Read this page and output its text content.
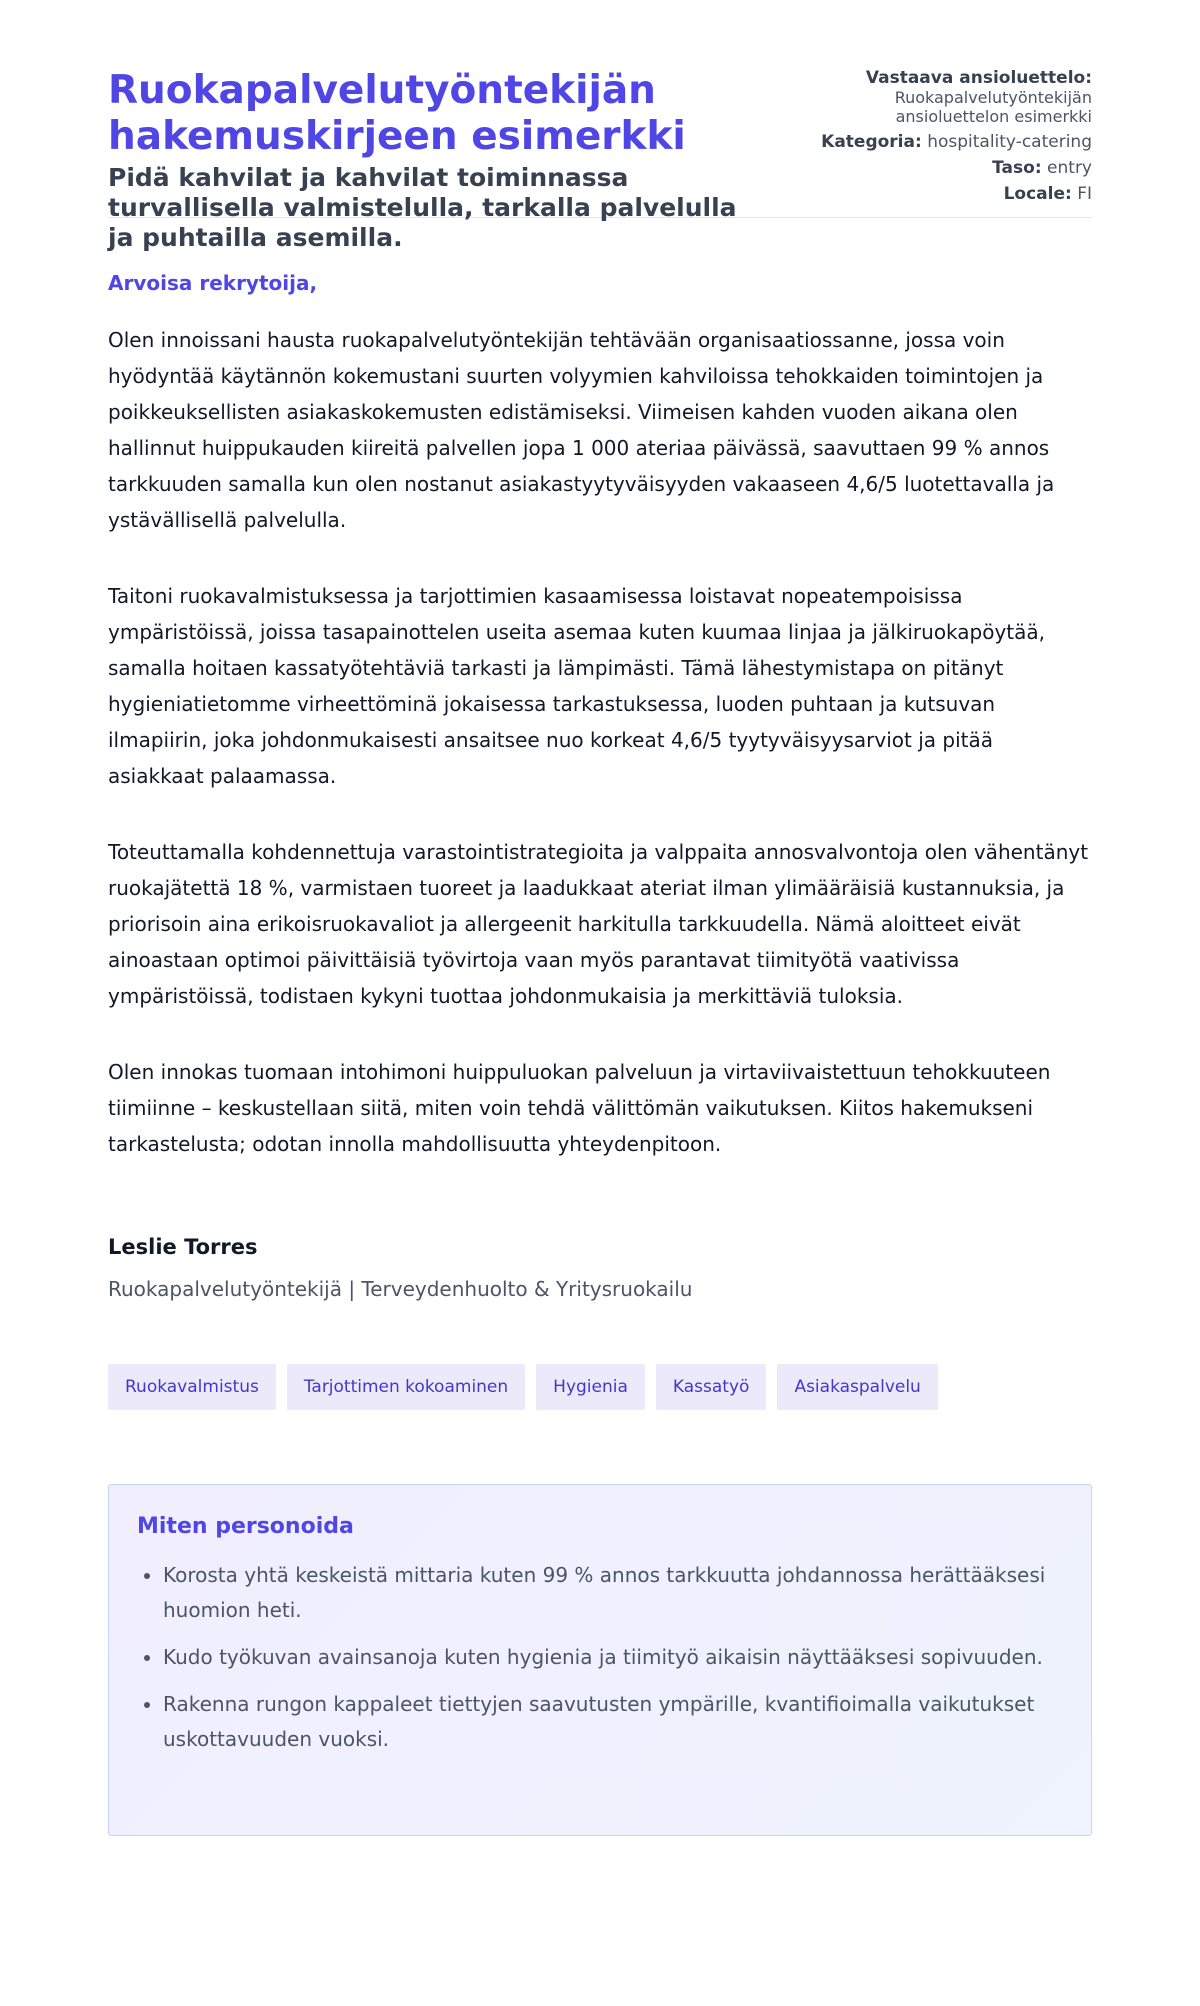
Ruokapalvelutyöntekijän hakemuskirjeen esimerkki
Pidä kahvilat ja kahvilat toiminnassa turvallisella valmistelulla, tarkalla palvelulla ja puhtailla asemilla.
Vastaava ansioluettelo:
Ruokapalvelutyöntekijän ansioluettelon esimerkki
Kategoria: hospitality-catering
Taso: entry
Locale: FI

Arvoisa rekrytoija,

Olen innoissani hausta ruokapalvelutyöntekijän tehtävään organisaatiossanne, jossa voin hyödyntää käytännön kokemustani suurten volyymien kahviloissa tehokkaiden toimintojen ja poikkeuksellisten asiakaskokemusten edistämiseksi. Viimeisen kahden vuoden aikana olen hallinnut huippukauden kiireitä palvellen jopa 1 000 ateriaa päivässä, saavuttaen 99 % annos tarkkuuden samalla kun olen nostanut asiakastyytyväisyyden vakaaseen 4,6/5 luotettavalla ja ystävällisellä palvelulla.

Taitoni ruokavalmistuksessa ja tarjottimien kasaamisessa loistavat nopeatempoisissa ympäristöissä, joissa tasapainottelen useita asemaa kuten kuumaa linjaa ja jälkiruokapöytää, samalla hoitaen kassatyötehtäviä tarkasti ja lämpimästi. Tämä lähestymistapa on pitänyt hygieniatietomme virheettöminä jokaisessa tarkastuksessa, luoden puhtaan ja kutsuvan ilmapiirin, joka johdonmukaisesti ansaitsee nuo korkeat 4,6/5 tyytyväisyysarviot ja pitää asiakkaat palaamassa.

Toteuttamalla kohdennettuja varastointistrategioita ja valppaita annosvalvontoja olen vähentänyt ruokajätettä 18 %, varmistaen tuoreet ja laadukkaat ateriat ilman ylimääräisiä kustannuksia, ja priorisoin aina erikoisruokavaliot ja allergeenit harkitulla tarkkuudella. Nämä aloitteet eivät ainoastaan optimoi päivittäisiä työvirtoja vaan myös parantavat tiimityötä vaativissa ympäristöissä, todistaen kykyni tuottaa johdonmukaisia ja merkittäviä tuloksia.

Olen innokas tuomaan intohimoni huippuluokan palveluun ja virtaviivaistettuun tehokkuuteen tiimiinne – keskustellaan siitä, miten voin tehdä välittömän vaikutuksen. Kiitos hakemukseni tarkastelusta; odotan innolla mahdollisuutta yhteydenpitoon.

Leslie Torres
Ruokapalvelutyöntekijä | Terveydenhuolto & Yritysruokailu
Ruokavalmistus	Tarjottimen kokoaminen	Hygienia	Kassatyö	Asiakaspalvelu
Miten personoida
• Korosta yhtä keskeistä mittaria kuten 99 % annos tarkkuutta johdannossa herättääksesi huomion heti.
• Kudo työkuvan avainsanoja kuten hygienia ja tiimityö aikaisin näyttääksesi sopivuuden.
• Rakenna rungon kappaleet tiettyjen saavutusten ympärille, kvantifioimalla vaikutukset uskottavuuden vuoksi.
